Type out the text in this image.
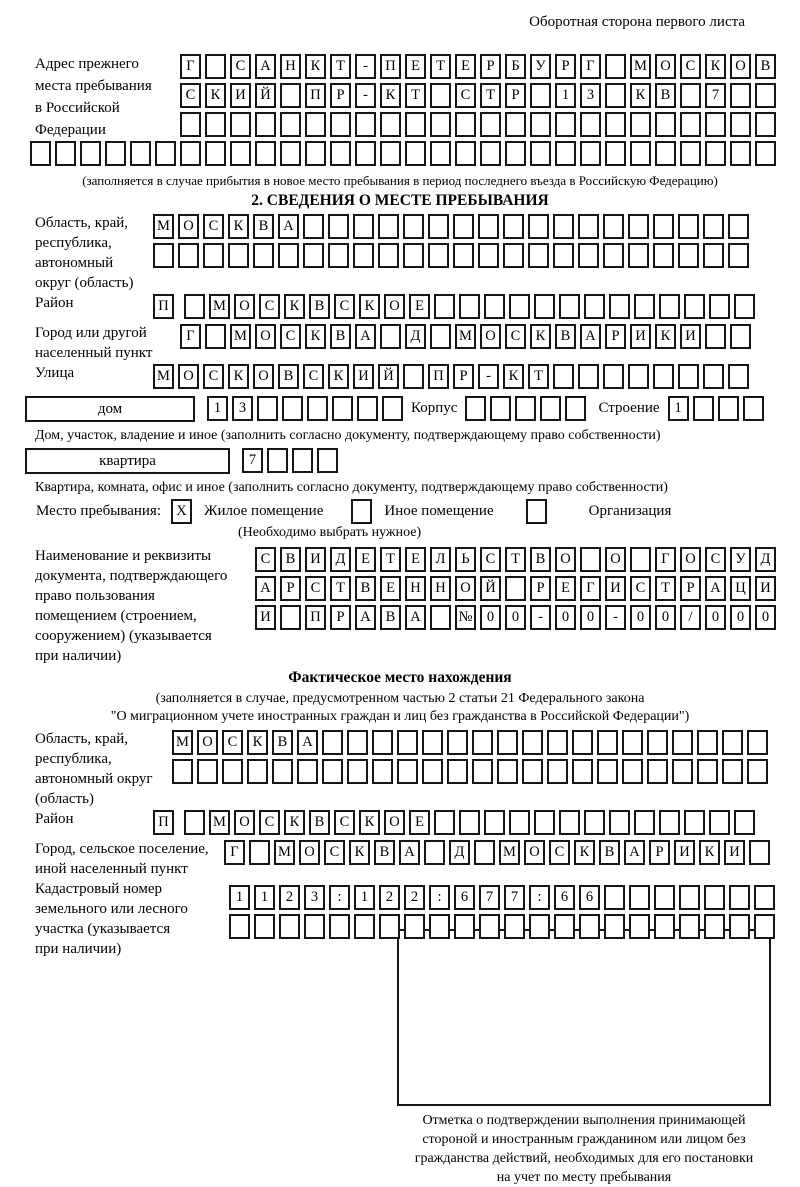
Оборотная сторона первого листа
Адрес прежнего
места пребывания
в Российской
Федерации
Г	С А Н К Т - П Е Т Е Р Б У Р Г	М О С К О В
С К И Й	П Р - К Т	С Т Р	1 3	К В	7
(заполняется в случае прибытия в новое место пребывания в период последнего въезда в Российскую Федерацию)
2. СВЕДЕНИЯ О МЕСТЕ ПРЕБЫВАНИЯ
Область, край,
республика,
автономный
округ (область)
М О С К В А
Район	П	М О С К В С К О Е
Город или другой
населенный пункт
Г	М О С К В А	Д	М О С К В А Р И К И
Улица	М О С К О В С К И Й	П Р - К Т
дом	1 3	Корпус	Строение	1
Дом, участок, владение и иное (заполнить согласно документу, подтверждающему право собственности)
квартира	7
Квартира, комната, офис и иное (заполнить согласно документу, подтверждающему право собственности)
Место пребывания:	X	Жилое помещение	Иное помещение	Организация
(Необходимо выбрать нужное)
Наименование и реквизиты
документа, подтверждающего
право пользования
помещением (строением,
сооружением) (указывается
при наличии)
С В И Д Е Т Е Л Ь С Т В О	О	Г О С У Д
А Р С Т В Е Н Н О Й	Р Е Г И С Т Р А Ц И
И	П Р А В А	№ 0 0 - 0 0 - 0 0 / 0 0 0
Фактическое место нахождения
(заполняется в случае, предусмотренном частью 2 статьи 21 Федерального закона
"О миграционном учете иностранных граждан и лиц без гражданства в Российской Федерации")
Область, край,
республика,
автономный округ
(область)
М О С К В А
Район	П	М О С К В С К О Е
Город, сельское поселение,
иной населенный пункт
Г	М О С К В А	Д	М О С К В А Р И К И
Кадастровый номер
земельного или лесного
участка (указывается
при наличии)
1 1 2 3 : 1 2 2 : 6 7 7 : 6 6
Отметка о подтверждении выполнения принимающей
стороной и иностранным гражданином или лицом без
гражданства действий, необходимых для его постановки
на учет по месту пребывания
